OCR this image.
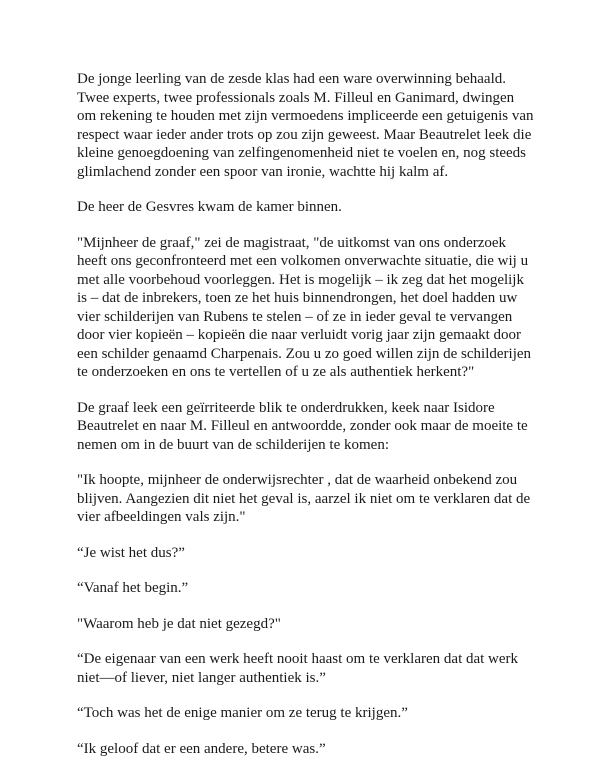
De jonge leerling van de zesde klas had een ware overwinning behaald.
Twee experts, twee professionals zoals M. Filleul en Ganimard, dwingen
om rekening te houden met zijn vermoedens impliceerde een getuigenis van
respect waar ieder ander trots op zou zijn geweest. Maar Beautrelet leek die
kleine genoegdoening van zelfingenomenheid niet te voelen en, nog steeds
glimlachend zonder een spoor van ironie, wachtte hij kalm af.

De heer de Gesvres kwam de kamer binnen.

"Mijnheer de graaf," zei de magistraat, "de uitkomst van ons onderzoek
heeft ons geconfronteerd met een volkomen onverwachte situatie, die wij u
met alle voorbehoud voorleggen. Het is mogelijk – ik zeg dat het mogelijk
is – dat de inbrekers, toen ze het huis binnendrongen, het doel hadden uw
vier schilderijen van Rubens te stelen – of ze in ieder geval te vervangen
door vier kopieën – kopieën die naar verluidt vorig jaar zijn gemaakt door
een schilder genaamd Charpenais. Zou u zo goed willen zijn de schilderijen
te onderzoeken en ons te vertellen of u ze als authentiek herkent?"

De graaf leek een geïrriteerde blik te onderdrukken, keek naar Isidore
Beautrelet en naar M. Filleul en antwoordde, zonder ook maar de moeite te
nemen om in de buurt van de schilderijen te komen:

"Ik hoopte, mijnheer de onderwijsrechter , dat de waarheid onbekend zou
blijven. Aangezien dit niet het geval is, aarzel ik niet om te verklaren dat de
vier afbeeldingen vals zijn."

“Je wist het dus?”

“Vanaf het begin.”

"Waarom heb je dat niet gezegd?"

“De eigenaar van een werk heeft nooit haast om te verklaren dat dat werk
niet—of liever, niet langer authentiek is.”

“Toch was het de enige manier om ze terug te krijgen.”

“Ik geloof dat er een andere, betere was.”
